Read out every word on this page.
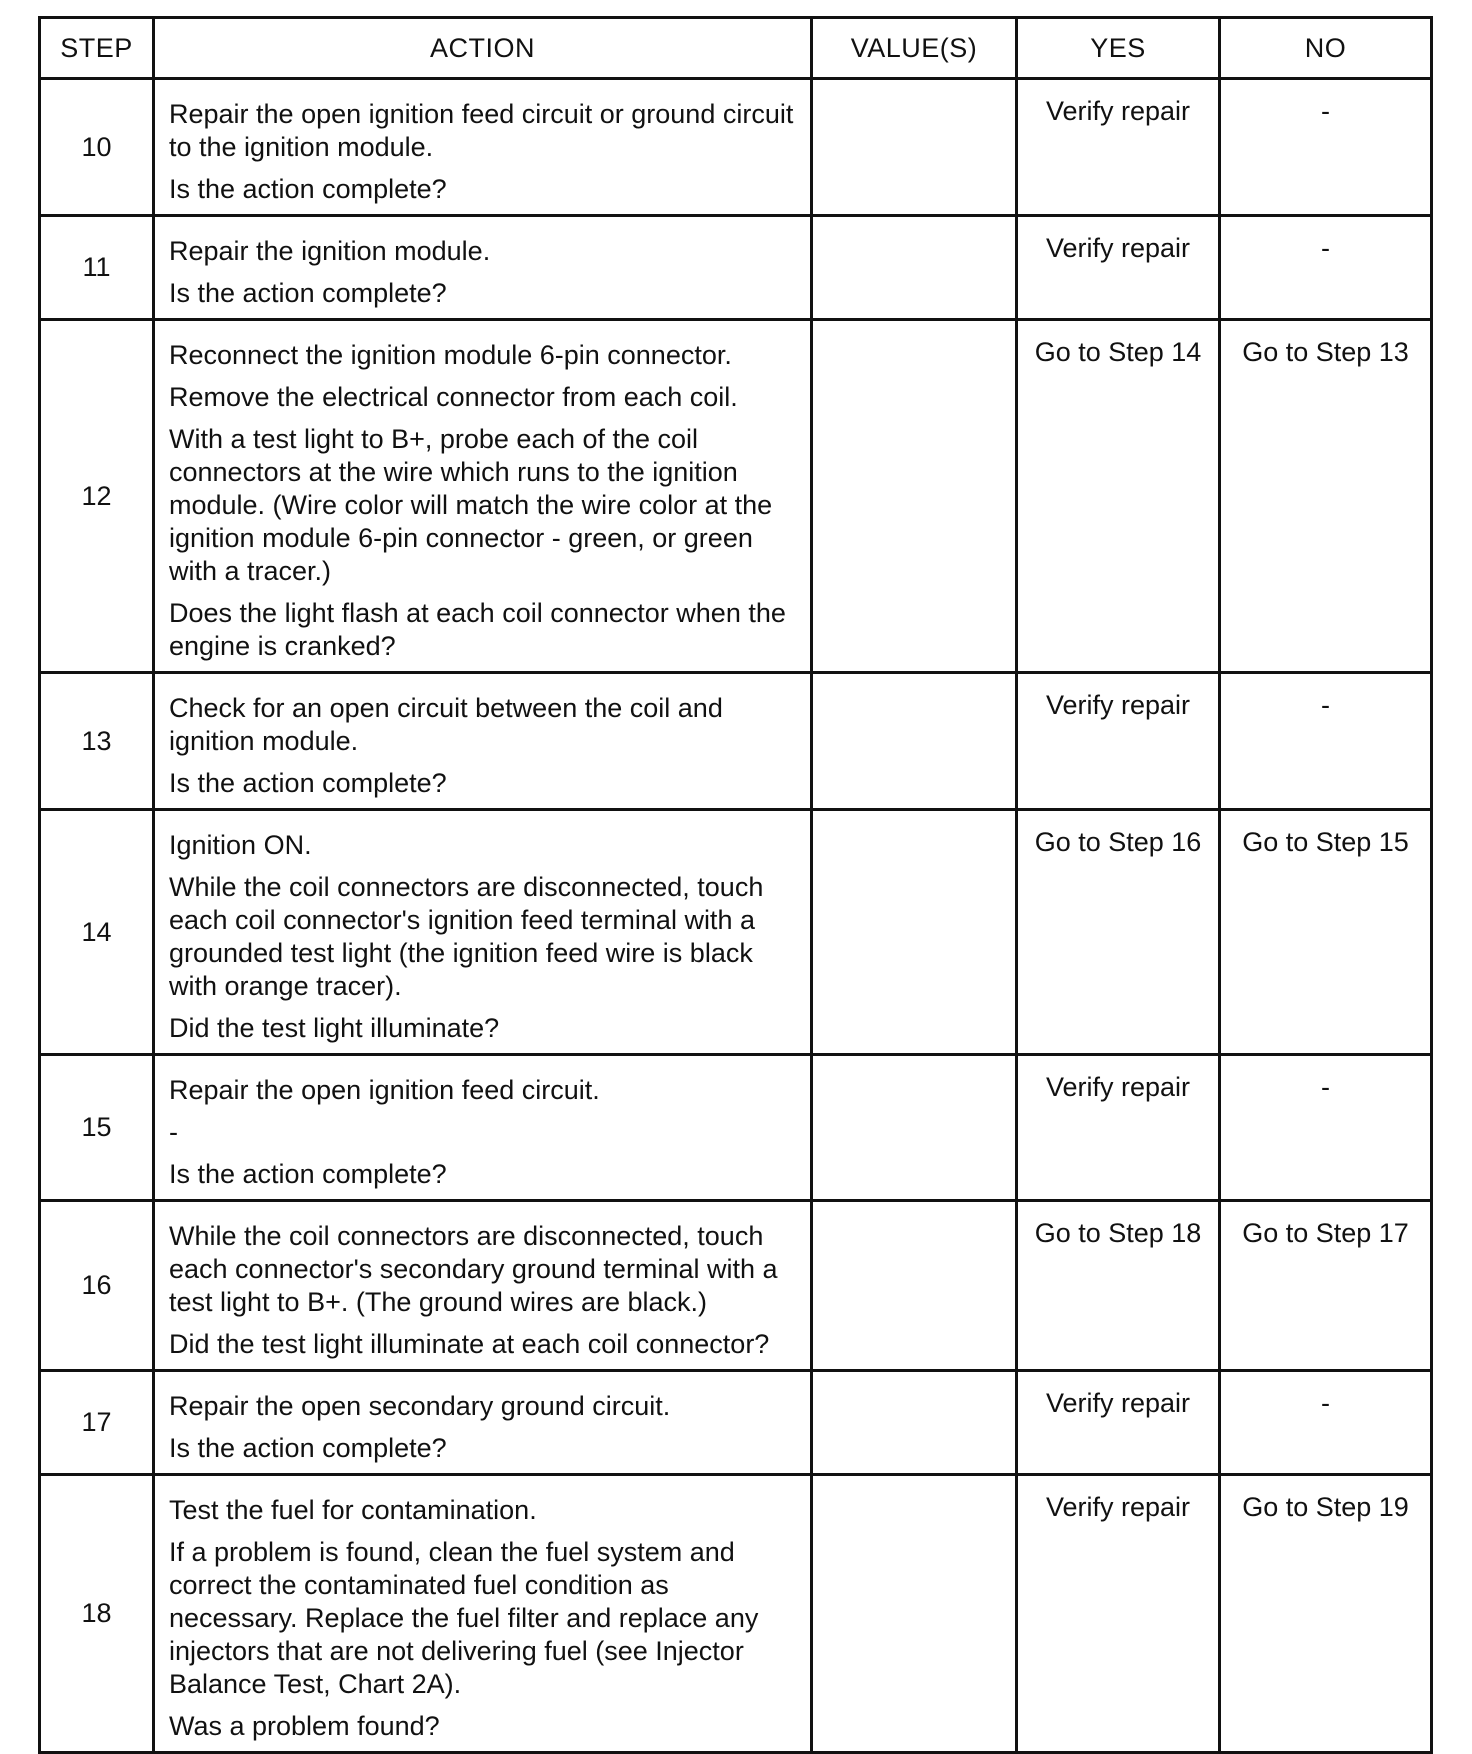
STEP	ACTION	VALUE(S)	YES	NO
10	Repair the open ignition feed circuit or ground circuit to the ignition module.

Is the action complete?		Verify repair	-
11	Repair the ignition module.

Is the action complete?		Verify repair	-
12	Reconnect the ignition module 6-pin connector.

Remove the electrical connector from each coil.

With a test light to B+, probe each of the coil connectors at the wire which runs to the ignition module. (Wire color will match the wire color at the ignition module 6-pin connector - green, or green with a tracer.)

Does the light flash at each coil connector when the engine is cranked?		Go to Step 14	Go to Step 13
13	Check for an open circuit between the coil and ignition module.

Is the action complete?		Verify repair	-
14	Ignition ON.

While the coil connectors are disconnected, touch each coil connector's ignition feed terminal with a grounded test light (the ignition feed wire is black with orange tracer).

Did the test light illuminate?		Go to Step 16	Go to Step 15
15	Repair the open ignition feed circuit.

-

Is the action complete?		Verify repair	-
16	While the coil connectors are disconnected, touch each connector's secondary ground terminal with a test light to B+. (The ground wires are black.)

Did the test light illuminate at each coil connector?		Go to Step 18	Go to Step 17
17	Repair the open secondary ground circuit.

Is the action complete?		Verify repair	-
18	Test the fuel for contamination.

If a problem is found, clean the fuel system and correct the contaminated fuel condition as necessary. Replace the fuel filter and replace any injectors that are not delivering fuel (see Injector Balance Test, Chart 2A).

Was a problem found?		Verify repair	Go to Step 19
